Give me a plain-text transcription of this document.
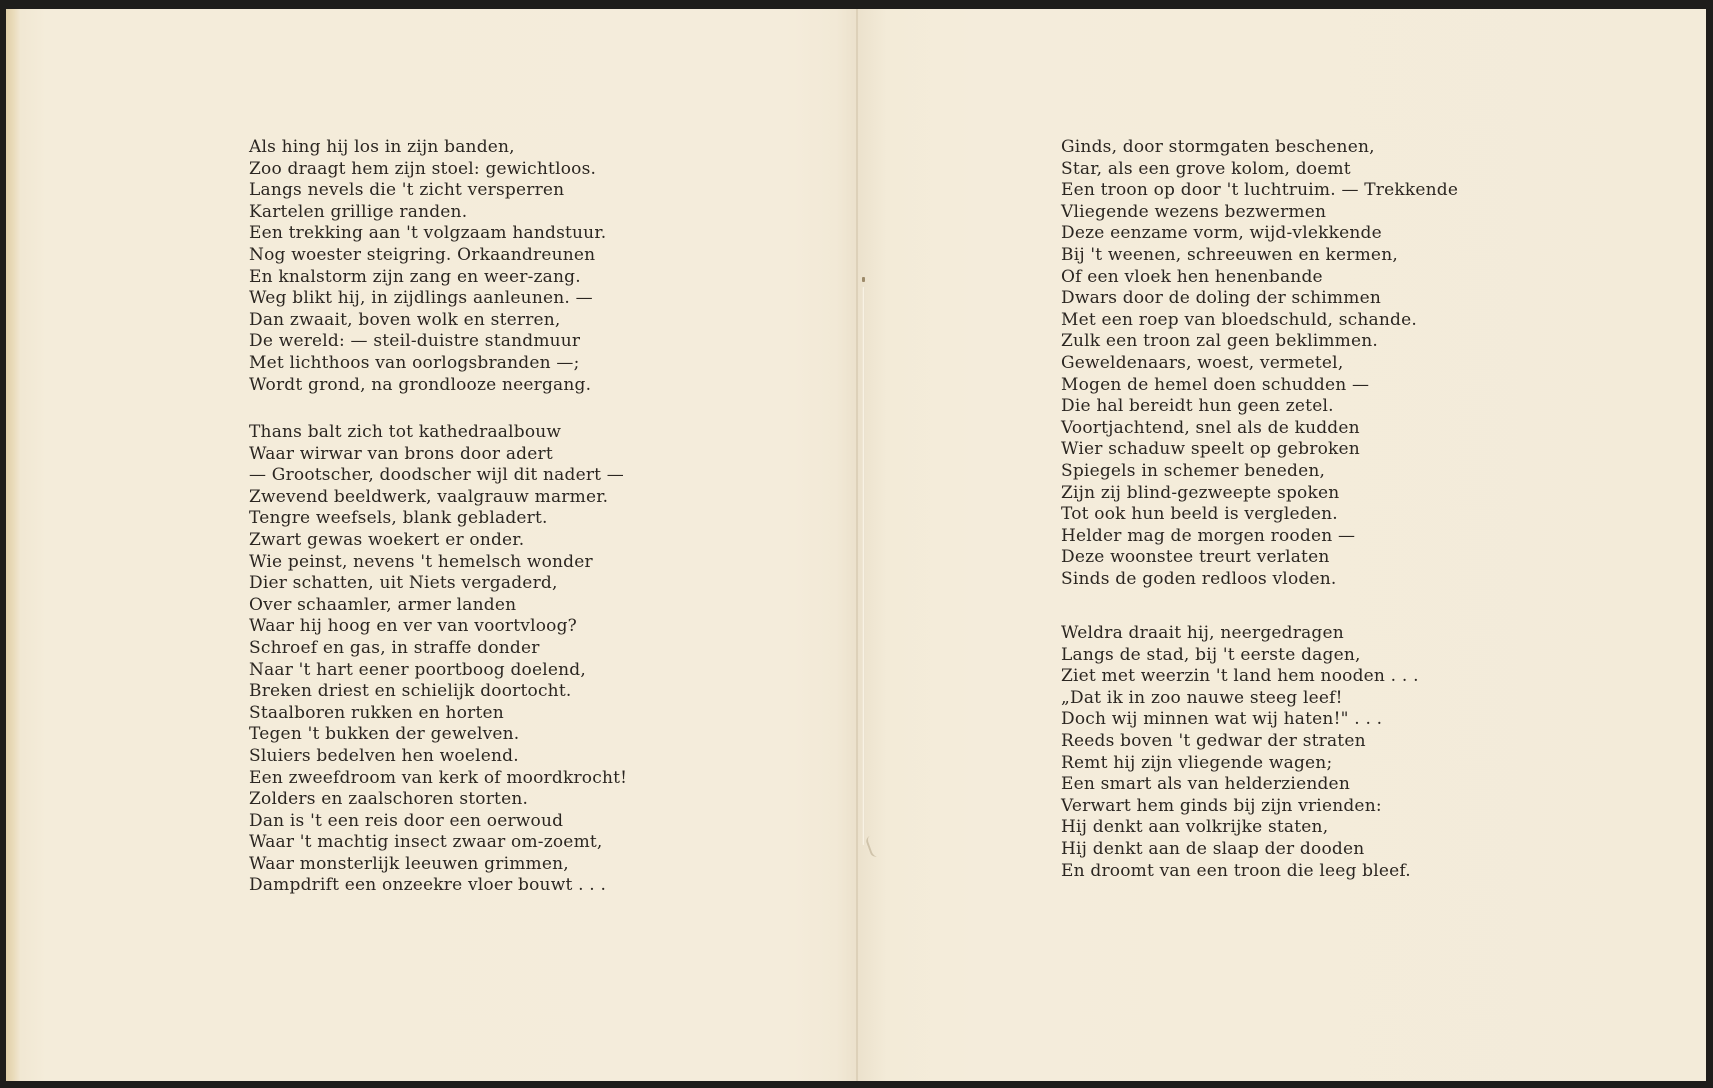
Als hing hij los in zijn banden,
Zoo draagt hem zijn stoel: gewichtloos.
Langs nevels die 't zicht versperren
Kartelen grillige randen.
Een trekking aan 't volgzaam handstuur.
Nog woester steigring. Orkaandreunen
En knalstorm zijn zang en weer-zang.
Weg blikt hij, in zijdlings aanleunen. —
Dan zwaait, boven wolk en sterren,
De wereld: — steil-duistre standmuur
Met lichthoos van oorlogsbranden —;
Wordt grond, na grondlooze neergang.
Thans balt zich tot kathedraalbouw
Waar wirwar van brons door adert
— Grootscher, doodscher wijl dit nadert —
Zwevend beeldwerk, vaalgrauw marmer.
Tengre weefsels, blank gebladert.
Zwart gewas woekert er onder.
Wie peinst, nevens 't hemelsch wonder
Dier schatten, uit Niets vergaderd,
Over schaamler, armer landen
Waar hij hoog en ver van voortvloog?
Schroef en gas, in straffe donder
Naar 't hart eener poortboog doelend,
Breken driest en schielijk doortocht.
Staalboren rukken en horten
Tegen 't bukken der gewelven.
Sluiers bedelven hen woelend.
Een zweefdroom van kerk of moordkrocht!
Zolders en zaalschoren storten.
Dan is 't een reis door een oerwoud
Waar 't machtig insect zwaar om-zoemt,
Waar monsterlijk leeuwen grimmen,
Dampdrift een onzeekre vloer bouwt . . .
Ginds, door stormgaten beschenen,
Star, als een grove kolom, doemt
Een troon op door 't luchtruim. — Trekkende
Vliegende wezens bezwermen
Deze eenzame vorm, wijd-vlekkende
Bij 't weenen, schreeuwen en kermen,
Of een vloek hen henenbande
Dwars door de doling der schimmen
Met een roep van bloedschuld, schande.
Zulk een troon zal geen beklimmen.
Geweldenaars, woest, vermetel,
Mogen de hemel doen schudden —
Die hal bereidt hun geen zetel.
Voortjachtend, snel als de kudden
Wier schaduw speelt op gebroken
Spiegels in schemer beneden,
Zijn zij blind-gezweepte spoken
Tot ook hun beeld is vergleden.
Helder mag de morgen rooden —
Deze woonstee treurt verlaten
Sinds de goden redloos vloden.
Weldra draait hij, neergedragen
Langs de stad, bij 't eerste dagen,
Ziet met weerzin 't land hem nooden . . .
„Dat ik in zoo nauwe steeg leef!
Doch wij minnen wat wij haten!" . . .
Reeds boven 't gedwar der straten
Remt hij zijn vliegende wagen;
Een smart als van helderzienden
Verwart hem ginds bij zijn vrienden:
Hij denkt aan volkrijke staten,
Hij denkt aan de slaap der dooden
En droomt van een troon die leeg bleef.
